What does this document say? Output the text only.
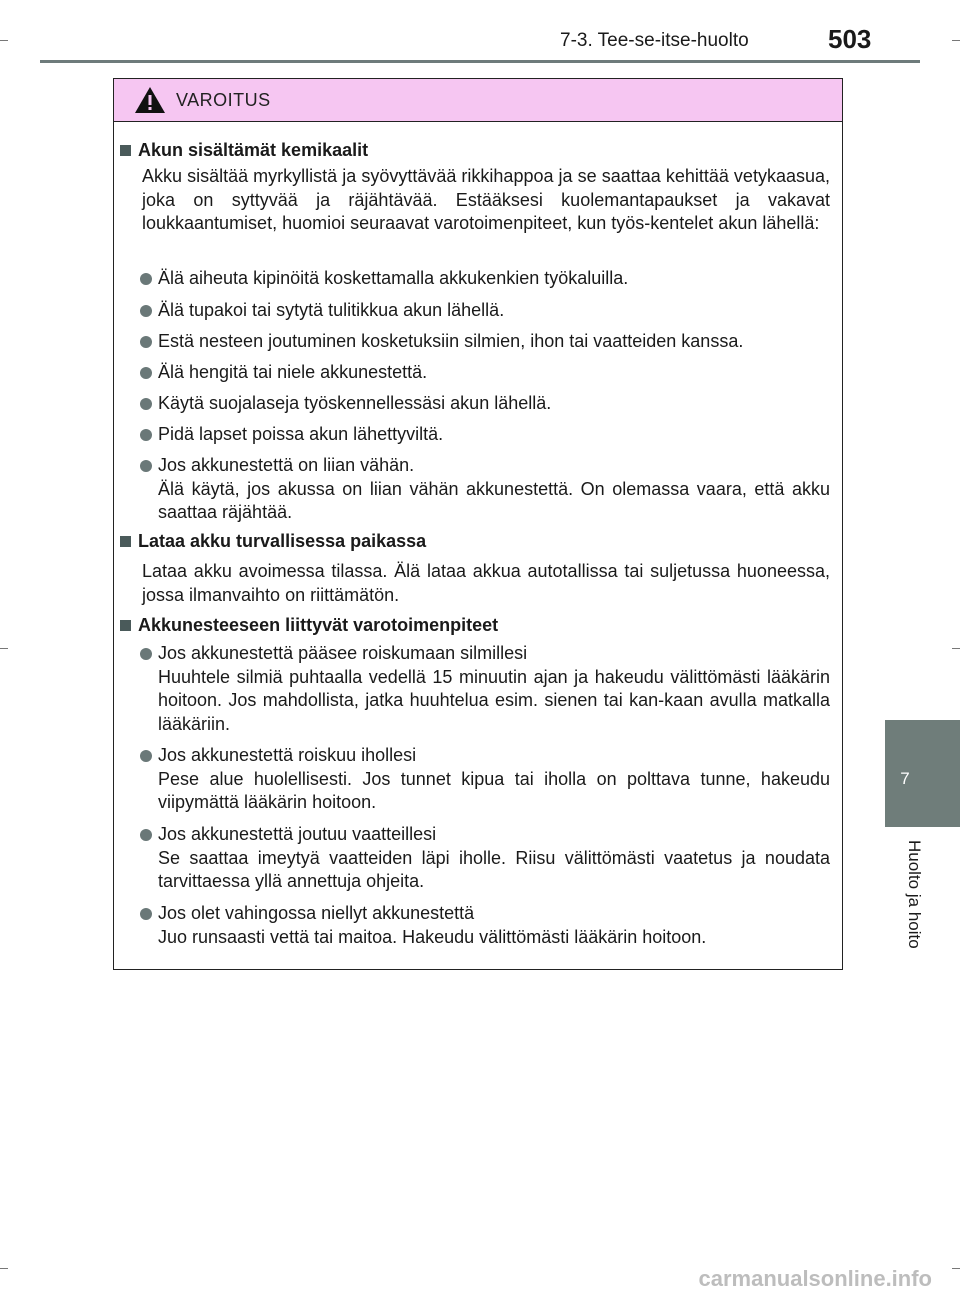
7-3. Tee-se-itse-huolto	503
7
Huolto ja hoito
VAROITUS
Akun sisältämät kemikaalit
Akku sisältää myrkyllistä ja syövyttävää rikkihappoa ja se saattaa kehittää vetykaasua, joka on syttyvää ja räjähtävää. Estääksesi kuolemantapaukset ja vakavat loukkaantumiset, huomioi seuraavat varotoimenpiteet, kun työs-kentelet akun lähellä:
Älä aiheuta kipinöitä koskettamalla akkukenkien työkaluilla.
Älä tupakoi tai sytytä tulitikkua akun lähellä.
Estä nesteen joutuminen kosketuksiin silmien, ihon tai vaatteiden kanssa.
Älä hengitä tai niele akkunestettä.
Käytä suojalaseja työskennellessäsi akun lähellä.
Pidä lapset poissa akun lähettyviltä.
Jos akkunestettä on liian vähän.
Älä käytä, jos akussa on liian vähän akkunestettä. On olemassa vaara, että akku saattaa räjähtää.
Lataa akku turvallisessa paikassa
Lataa akku avoimessa tilassa. Älä lataa akkua autotallissa tai suljetussa huoneessa, jossa ilmanvaihto on riittämätön.
Akkunesteeseen liittyvät varotoimenpiteet
Jos akkunestettä pääsee roiskumaan silmillesi
Huuhtele silmiä puhtaalla vedellä 15 minuutin ajan ja hakeudu välittömästi lääkärin hoitoon. Jos mahdollista, jatka huuhtelua esim. sienen tai kan-kaan avulla matkalla lääkäriin.
Jos akkunestettä roiskuu ihollesi
Pese alue huolellisesti. Jos tunnet kipua tai iholla on polttava tunne, hakeudu viipymättä lääkärin hoitoon.
Jos akkunestettä joutuu vaatteillesi
Se saattaa imeytyä vaatteiden läpi iholle. Riisu välittömästi vaatetus ja noudata tarvittaessa yllä annettuja ohjeita.
Jos olet vahingossa niellyt akkunestettä
Juo runsaasti vettä tai maitoa. Hakeudu välittömästi lääkärin hoitoon.
carmanualsonline.info
